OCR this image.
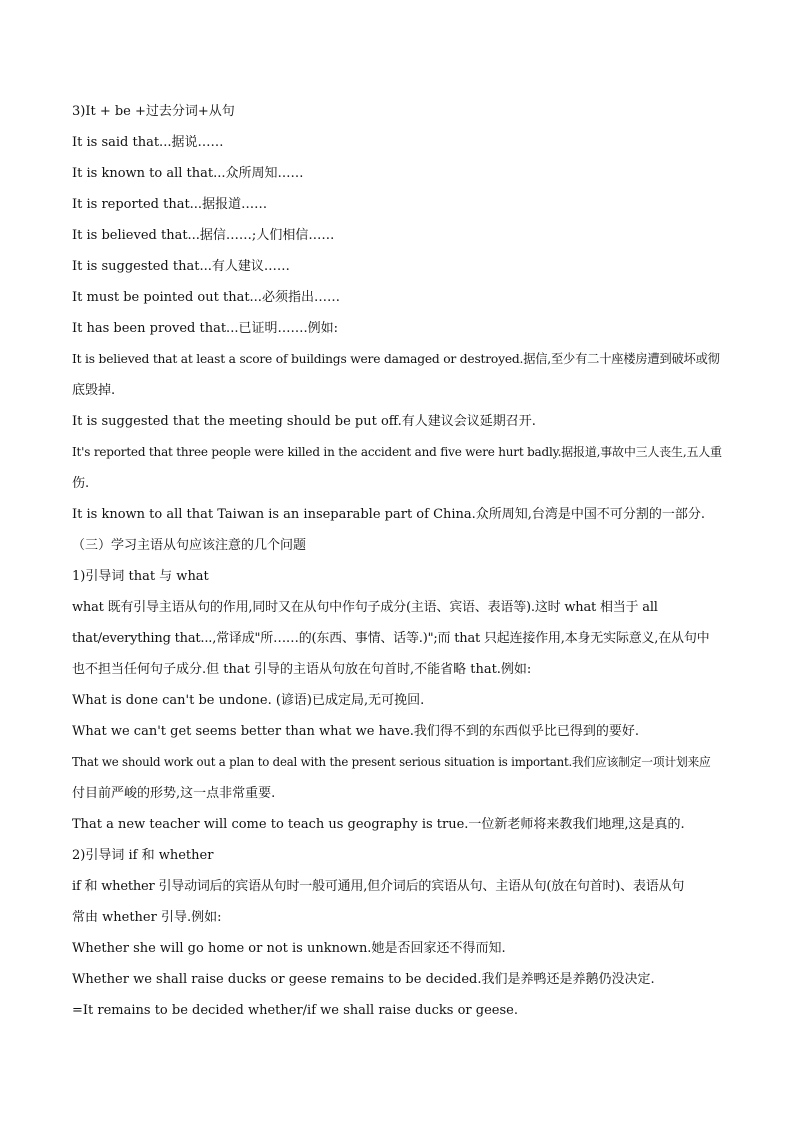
3)It + be +过去分词+从句
It is said that...据说……
It is known to all that...众所周知……
It is reported that...据报道……
It is believed that...据信……;人们相信……
It is suggested that...有人建议……
It must be pointed out that...必须指出……
It has been proved that...已证明…….例如:
It is believed that at least a score of buildings were damaged or destroyed.据信,至少有二十座楼房遭到破坏或彻
底毁掉.
It is suggested that the meeting should be put off.有人建议会议延期召开.
It's reported that three people were killed in the accident and five were hurt badly.据报道,事故中三人丧生,五人重
伤.
It is known to all that Taiwan is an inseparable part of China.众所周知,台湾是中国不可分割的一部分.
（三）学习主语从句应该注意的几个问题
1)引导词 that 与 what
what 既有引导主语从句的作用,同时又在从句中作句子成分(主语、宾语、表语等).这时 what 相当于 all
that/everything that...,常译成"所……的(东西、事情、话等.)";而 that 只起连接作用,本身无实际意义,在从句中
也不担当任何句子成分.但 that 引导的主语从句放在句首时,不能省略 that.例如:
What is done can't be undone. (谚语)已成定局,无可挽回.
What we can't get seems better than what we have.我们得不到的东西似乎比已得到的要好.
That we should work out a plan to deal with the present serious situation is important.我们应该制定一项计划来应
付目前严峻的形势,这一点非常重要.
That a new teacher will come to teach us geography is true.一位新老师将来教我们地理,这是真的.
2)引导词 if 和 whether
if 和 whether 引导动词后的宾语从句时一般可通用,但介词后的宾语从句、主语从句(放在句首时)、表语从句
常由 whether 引导.例如:
Whether she will go home or not is unknown.她是否回家还不得而知.
Whether we shall raise ducks or geese remains to be decided.我们是养鸭还是养鹅仍没决定.
=It remains to be decided whether/if we shall raise ducks or geese.
